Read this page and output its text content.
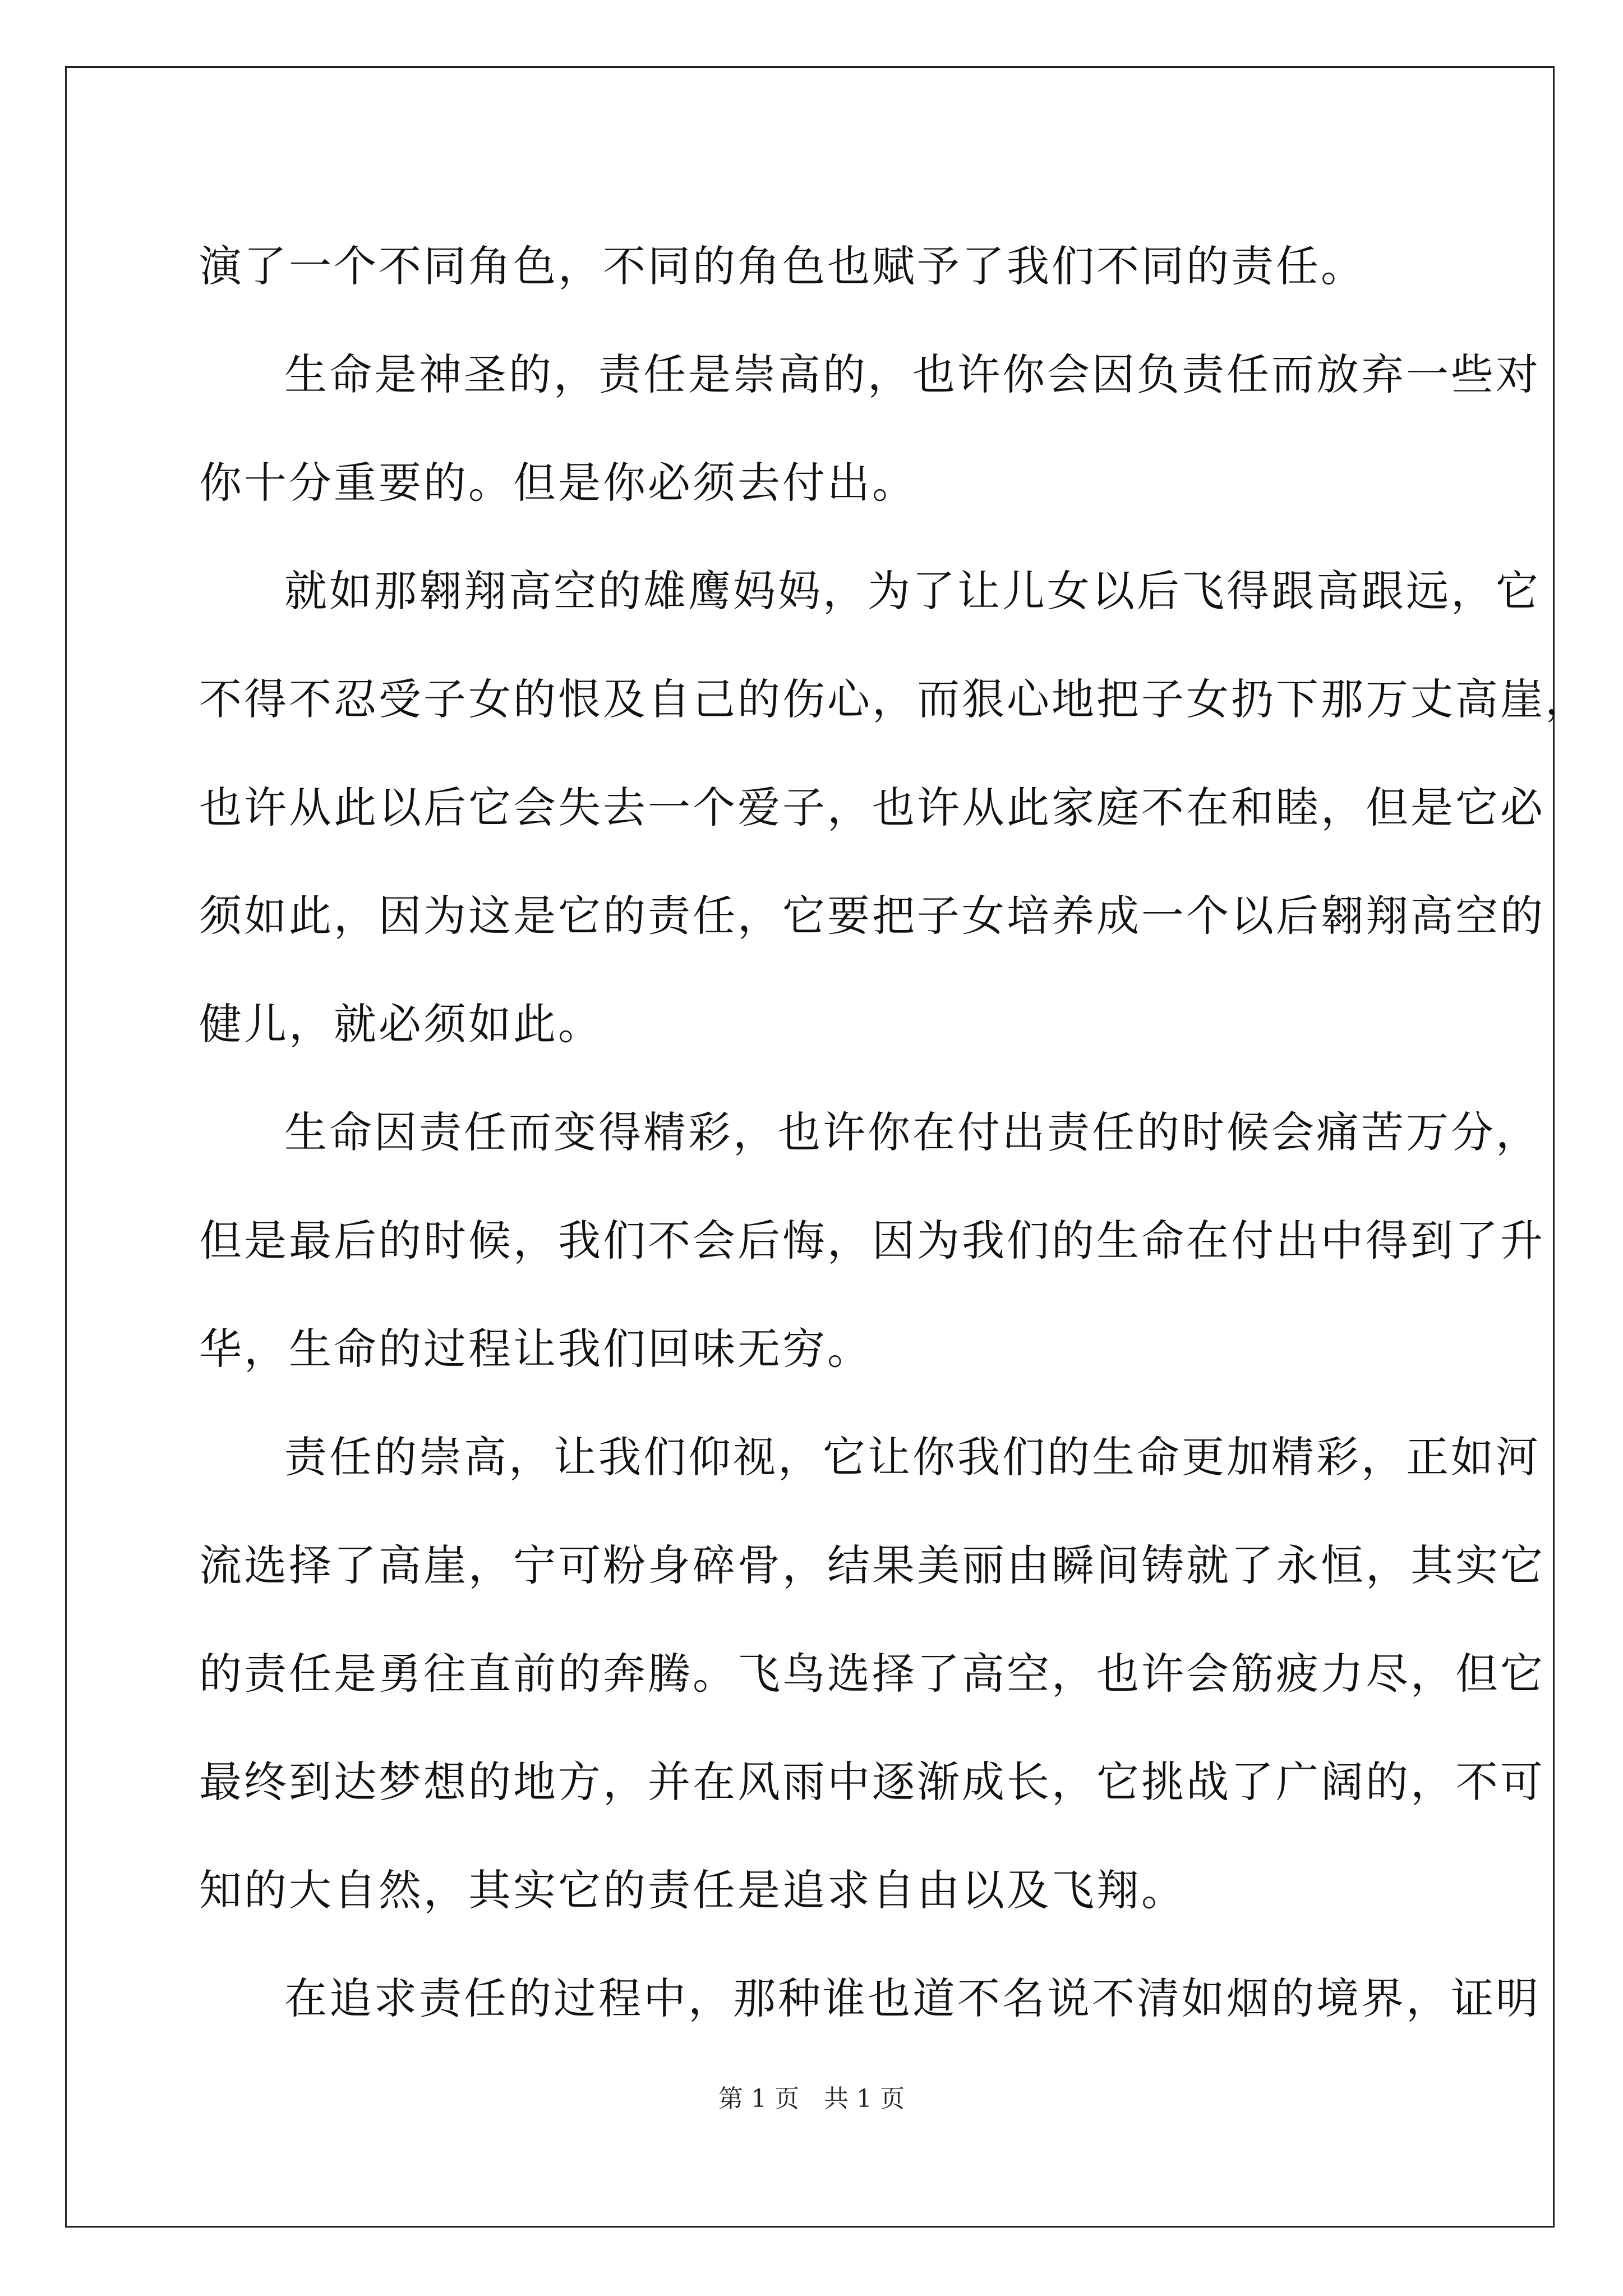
演了一个不同角色，不同的角色也赋予了我们不同的责任。
生命是神圣的，责任是崇高的，也许你会因负责任而放弃一些对
你十分重要的。但是你必须去付出。
就如那翱翔高空的雄鹰妈妈，为了让儿女以后飞得跟高跟远，它
不得不忍受子女的恨及自己的伤心，而狠心地把子女扔下那万丈高崖，
也许从此以后它会失去一个爱子，也许从此家庭不在和睦，但是它必
须如此，因为这是它的责任，它要把子女培养成一个以后翱翔高空的
健儿，就必须如此。
生命因责任而变得精彩，也许你在付出责任的时候会痛苦万分，
但是最后的时候，我们不会后悔，因为我们的生命在付出中得到了升
华，生命的过程让我们回味无穷。
责任的崇高，让我们仰视，它让你我们的生命更加精彩，正如河
流选择了高崖，宁可粉身碎骨，结果美丽由瞬间铸就了永恒，其实它
的责任是勇往直前的奔腾。飞鸟选择了高空，也许会筋疲力尽，但它
最终到达梦想的地方，并在风雨中逐渐成长，它挑战了广阔的，不可
知的大自然，其实它的责任是追求自由以及飞翔。
在追求责任的过程中，那种谁也道不名说不清如烟的境界，证明
第 1 页 共 1 页
